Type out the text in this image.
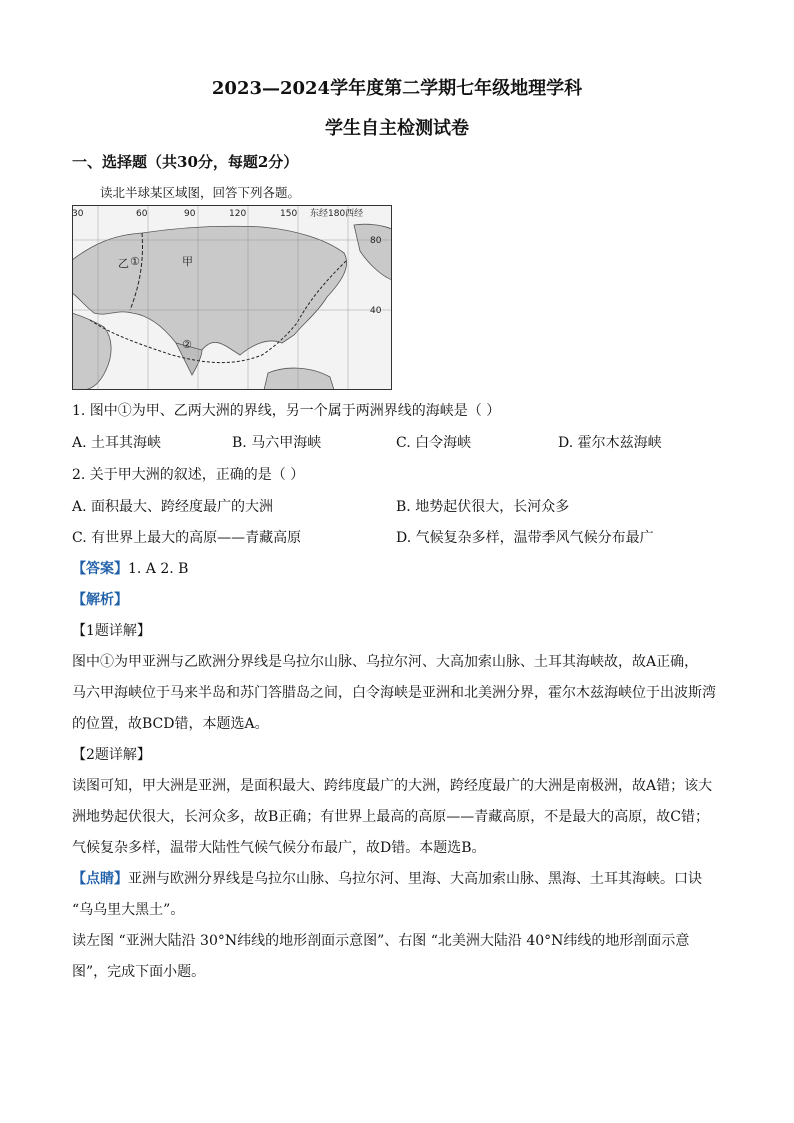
2023—2024学年度第二学期七年级地理学科
学生自主检测试卷
一、选择题（共30分，每题2分）
读北半球某区域图，回答下列各题。
30	60	90	120	150 东经180西经
80
40
乙	甲
①
②
1. 图中①为甲、乙两大洲的界线，另一个属于两洲界线的海峡是（ ）
A. 土耳其海峡	B. 马六甲海峡	C. 白令海峡	D. 霍尔木兹海峡
2. 关于甲大洲的叙述，正确的是（ ）
A. 面积最大、跨经度最广的大洲	B. 地势起伏很大，长河众多
C. 有世界上最大的高原——青藏高原	D. 气候复杂多样，温带季风气候分布最广
【答案】1. A 2. B
【解析】
【1题详解】
图中①为甲亚洲与乙欧洲分界线是乌拉尔山脉、乌拉尔河、大高加索山脉、土耳其海峡故，故A正确，
马六甲海峡位于马来半岛和苏门答腊岛之间，白令海峡是亚洲和北美洲分界，霍尔木兹海峡位于出波斯湾
的位置，故BCD错，本题选A。
【2题详解】
读图可知，甲大洲是亚洲，是面积最大、跨纬度最广的大洲，跨经度最广的大洲是南极洲，故A错；该大
洲地势起伏很大，长河众多，故B正确；有世界上最高的高原——青藏高原，不是最大的高原，故C错；
气候复杂多样，温带大陆性气候气候分布最广，故D错。本题选B。
【点睛】亚洲与欧洲分界线是乌拉尔山脉、乌拉尔河、里海、大高加索山脉、黑海、土耳其海峡。口诀
“乌乌里大黑土”。
读左图 “亚洲大陆沿 30°N纬线的地形剖面示意图”、右图 “北美洲大陆沿 40°N纬线的地形剖面示意
图”，完成下面小题。
